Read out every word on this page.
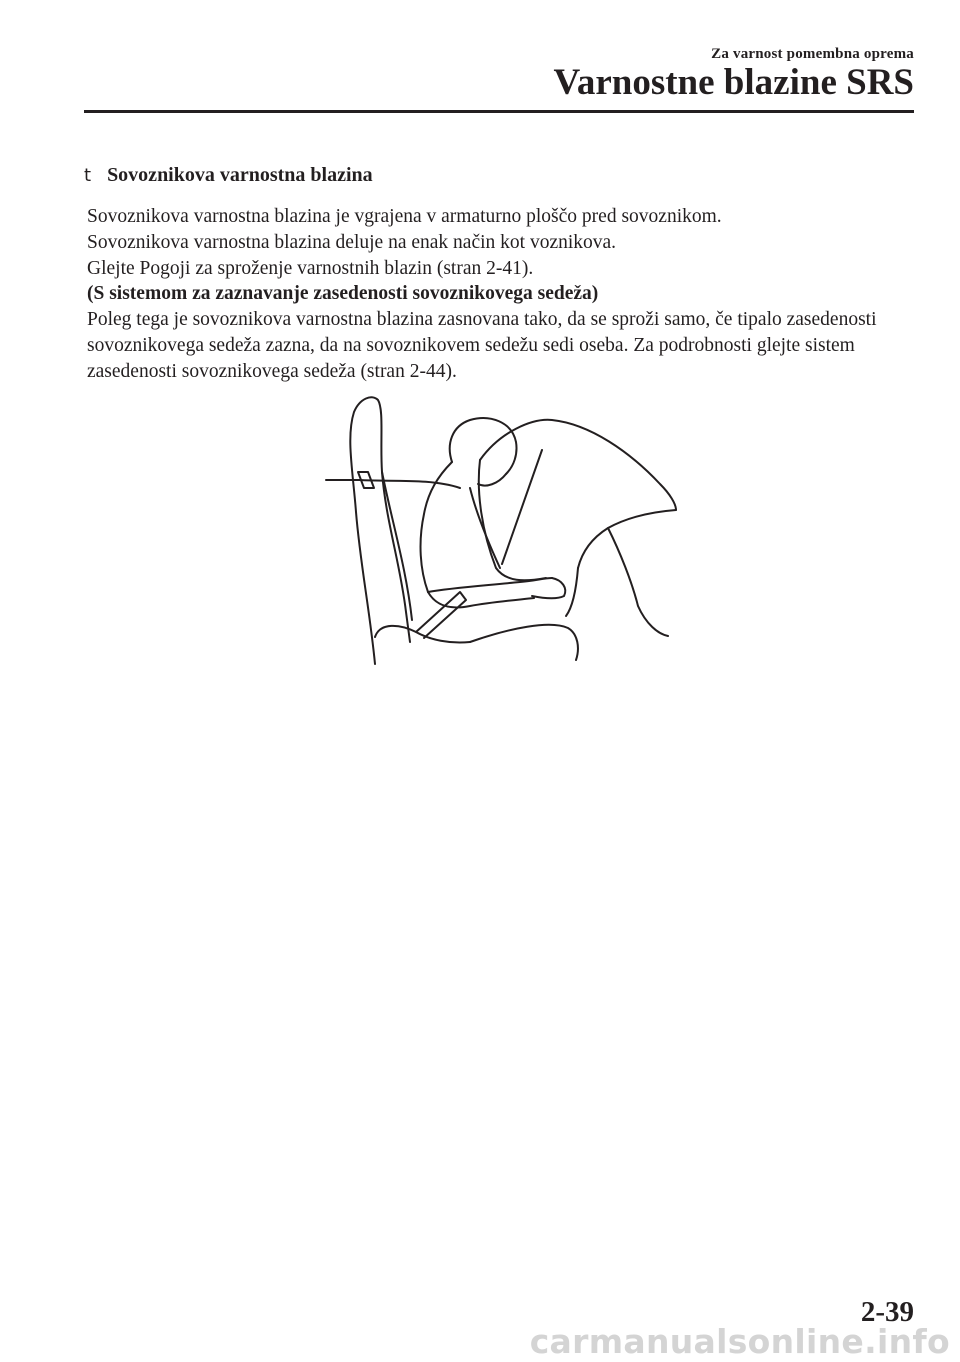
Za varnost pomembna oprema
Varnostne blazine SRS
t Sovoznikova varnostna blazina

Sovoznikova varnostna blazina je vgrajena v armaturno ploščo pred sovoznikom.

Sovoznikova varnostna blazina deluje na enak način kot voznikova.

Glejte Pogoji za sproženje varnostnih blazin (stran 2-41).

(S sistemom za zaznavanje zasedenosti sovoznikovega sedeža)

Poleg tega je sovoznikova varnostna blazina zasnovana tako, da se sproži samo, če tipalo zasedenosti sovoznikovega sedeža zazna, da na sovoznikovem sedežu sedi oseba. Za podrobnosti glejte sistem zasedenosti sovoznikovega sedeža (stran 2-44).

2-39
carmanualsonline.info
